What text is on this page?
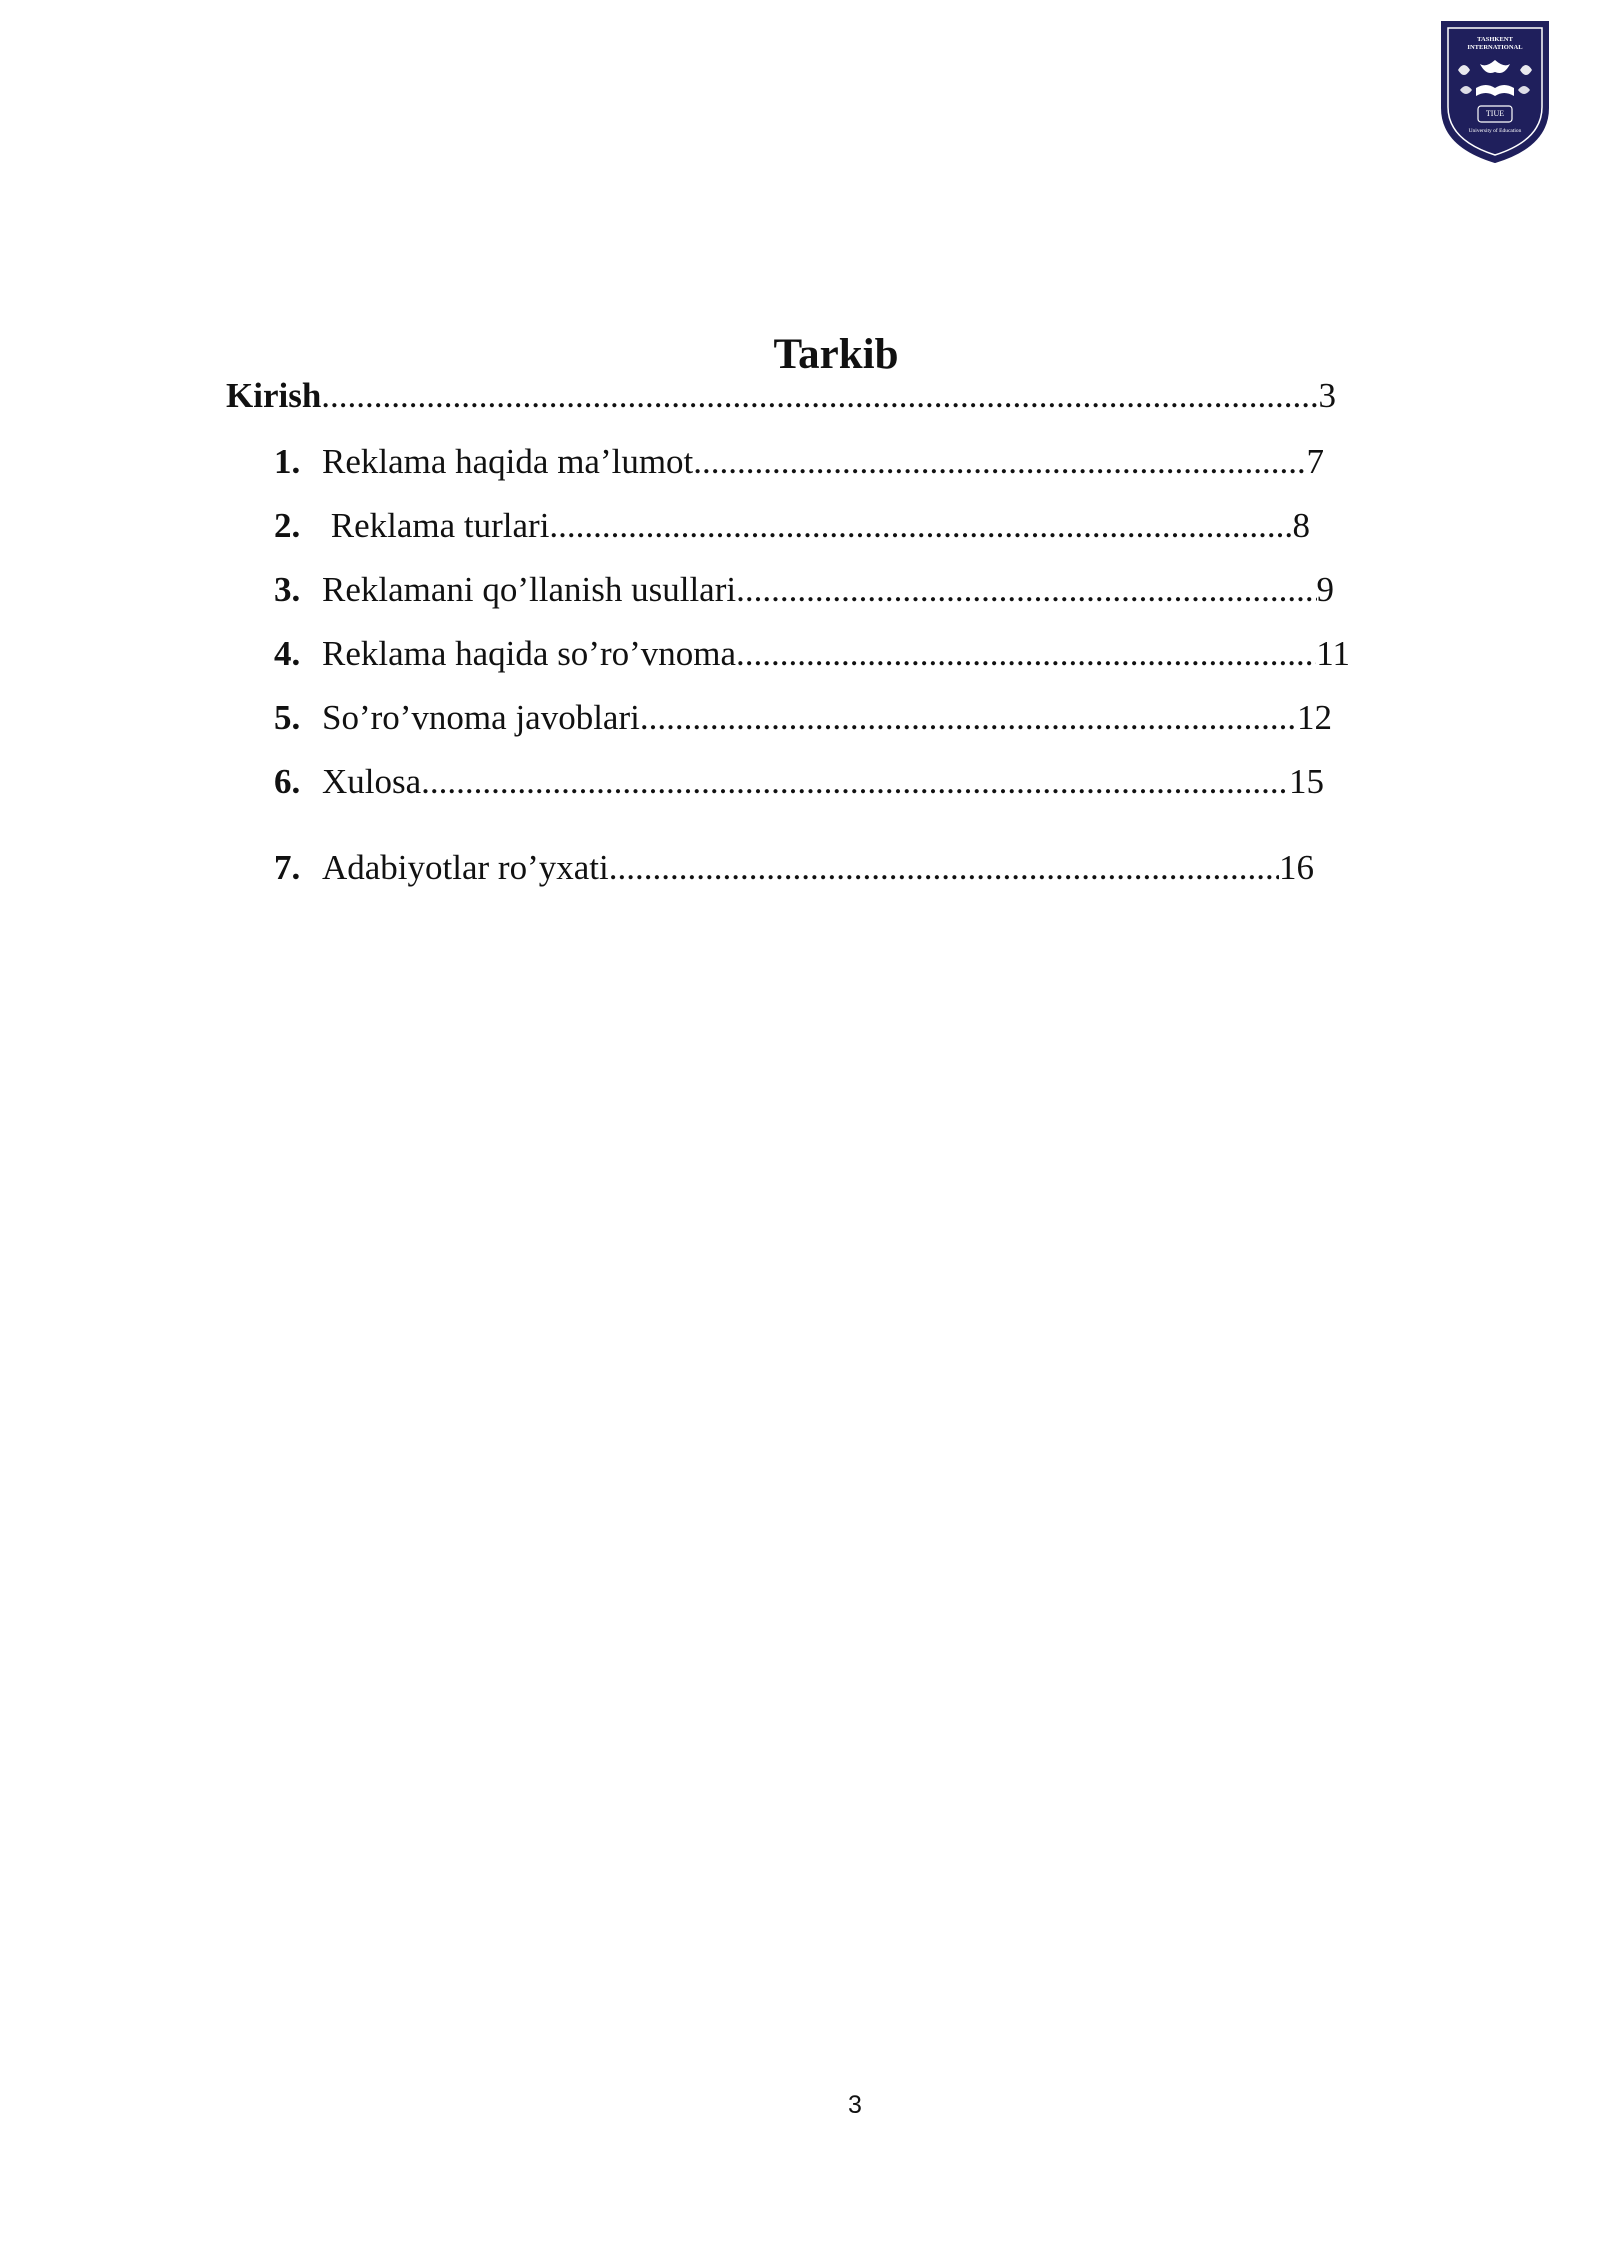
TASHKENT INTERNATIONAL
TIUE
University of Education
Tarkib
Kirish .....	3
1. Reklama haqida ma’lumot .....	7
2. Reklama turlari .....	8
3. Reklamani qo’llanish usullari .....	9
4. Reklama haqida so’ro’vnoma .....	11
5. So’ro’vnoma javoblari .....	12
6. Xulosa .....	15
7. Adabiyotlar ro’yxati .....	16
3
